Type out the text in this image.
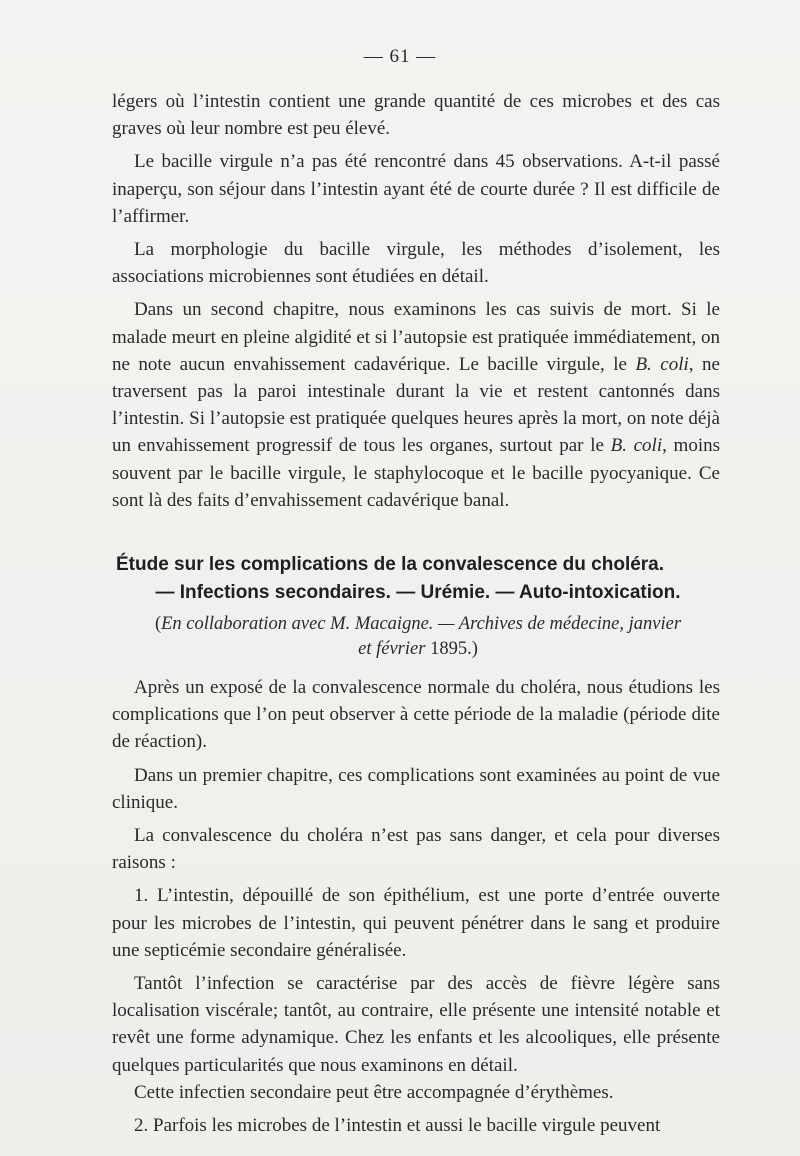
— 61 —
légers où l’intestin contient une grande quantité de ces microbes et des cas graves où leur nombre est peu élevé.
Le bacille virgule n’a pas été rencontré dans 45 observations. A-t-il passé inaperçu, son séjour dans l’intestin ayant été de courte durée ? Il est difficile de l’affirmer.
La morphologie du bacille virgule, les méthodes d’isolement, les associations microbiennes sont étudiées en détail.
Dans un second chapitre, nous examinons les cas suivis de mort. Si le malade meurt en pleine algidité et si l’autopsie est pratiquée immédiatement, on ne note aucun envahissement cadavérique. Le bacille virgule, le B. coli, ne traversent pas la paroi intestinale durant la vie et restent cantonnés dans l’intestin. Si l’autopsie est pratiquée quelques heures après la mort, on note déjà un envahissement progressif de tous les organes, surtout par le B. coli, moins souvent par le bacille virgule, le staphylocoque et le bacille pyocyanique. Ce sont là des faits d’envahissement cadavérique banal.
Étude sur les complications de la convalescence du choléra.
— Infections secondaires. — Urémie. — Auto-intoxication.
(En collaboration avec M. Macaigne. — Archives de médecine, janvier
et février 1895.)
Après un exposé de la convalescence normale du choléra, nous étudions les complications que l’on peut observer à cette période de la maladie (période dite de réaction).
Dans un premier chapitre, ces complications sont examinées au point de vue clinique.
La convalescence du choléra n’est pas sans danger, et cela pour diverses raisons :
1. L’intestin, dépouillé de son épithélium, est une porte d’entrée ouverte pour les microbes de l’intestin, qui peuvent pénétrer dans le sang et produire une septicémie secondaire généralisée.
Tantôt l’infection se caractérise par des accès de fièvre légère sans localisation viscérale; tantôt, au contraire, elle présente une intensité notable et revêt une forme adynamique. Chez les enfants et les alcooliques, elle présente quelques particularités que nous examinons en détail.
Cette infectien secondaire peut être accompagnée d’érythèmes.
2. Parfois les microbes de l’intestin et aussi le bacille virgule peuvent
